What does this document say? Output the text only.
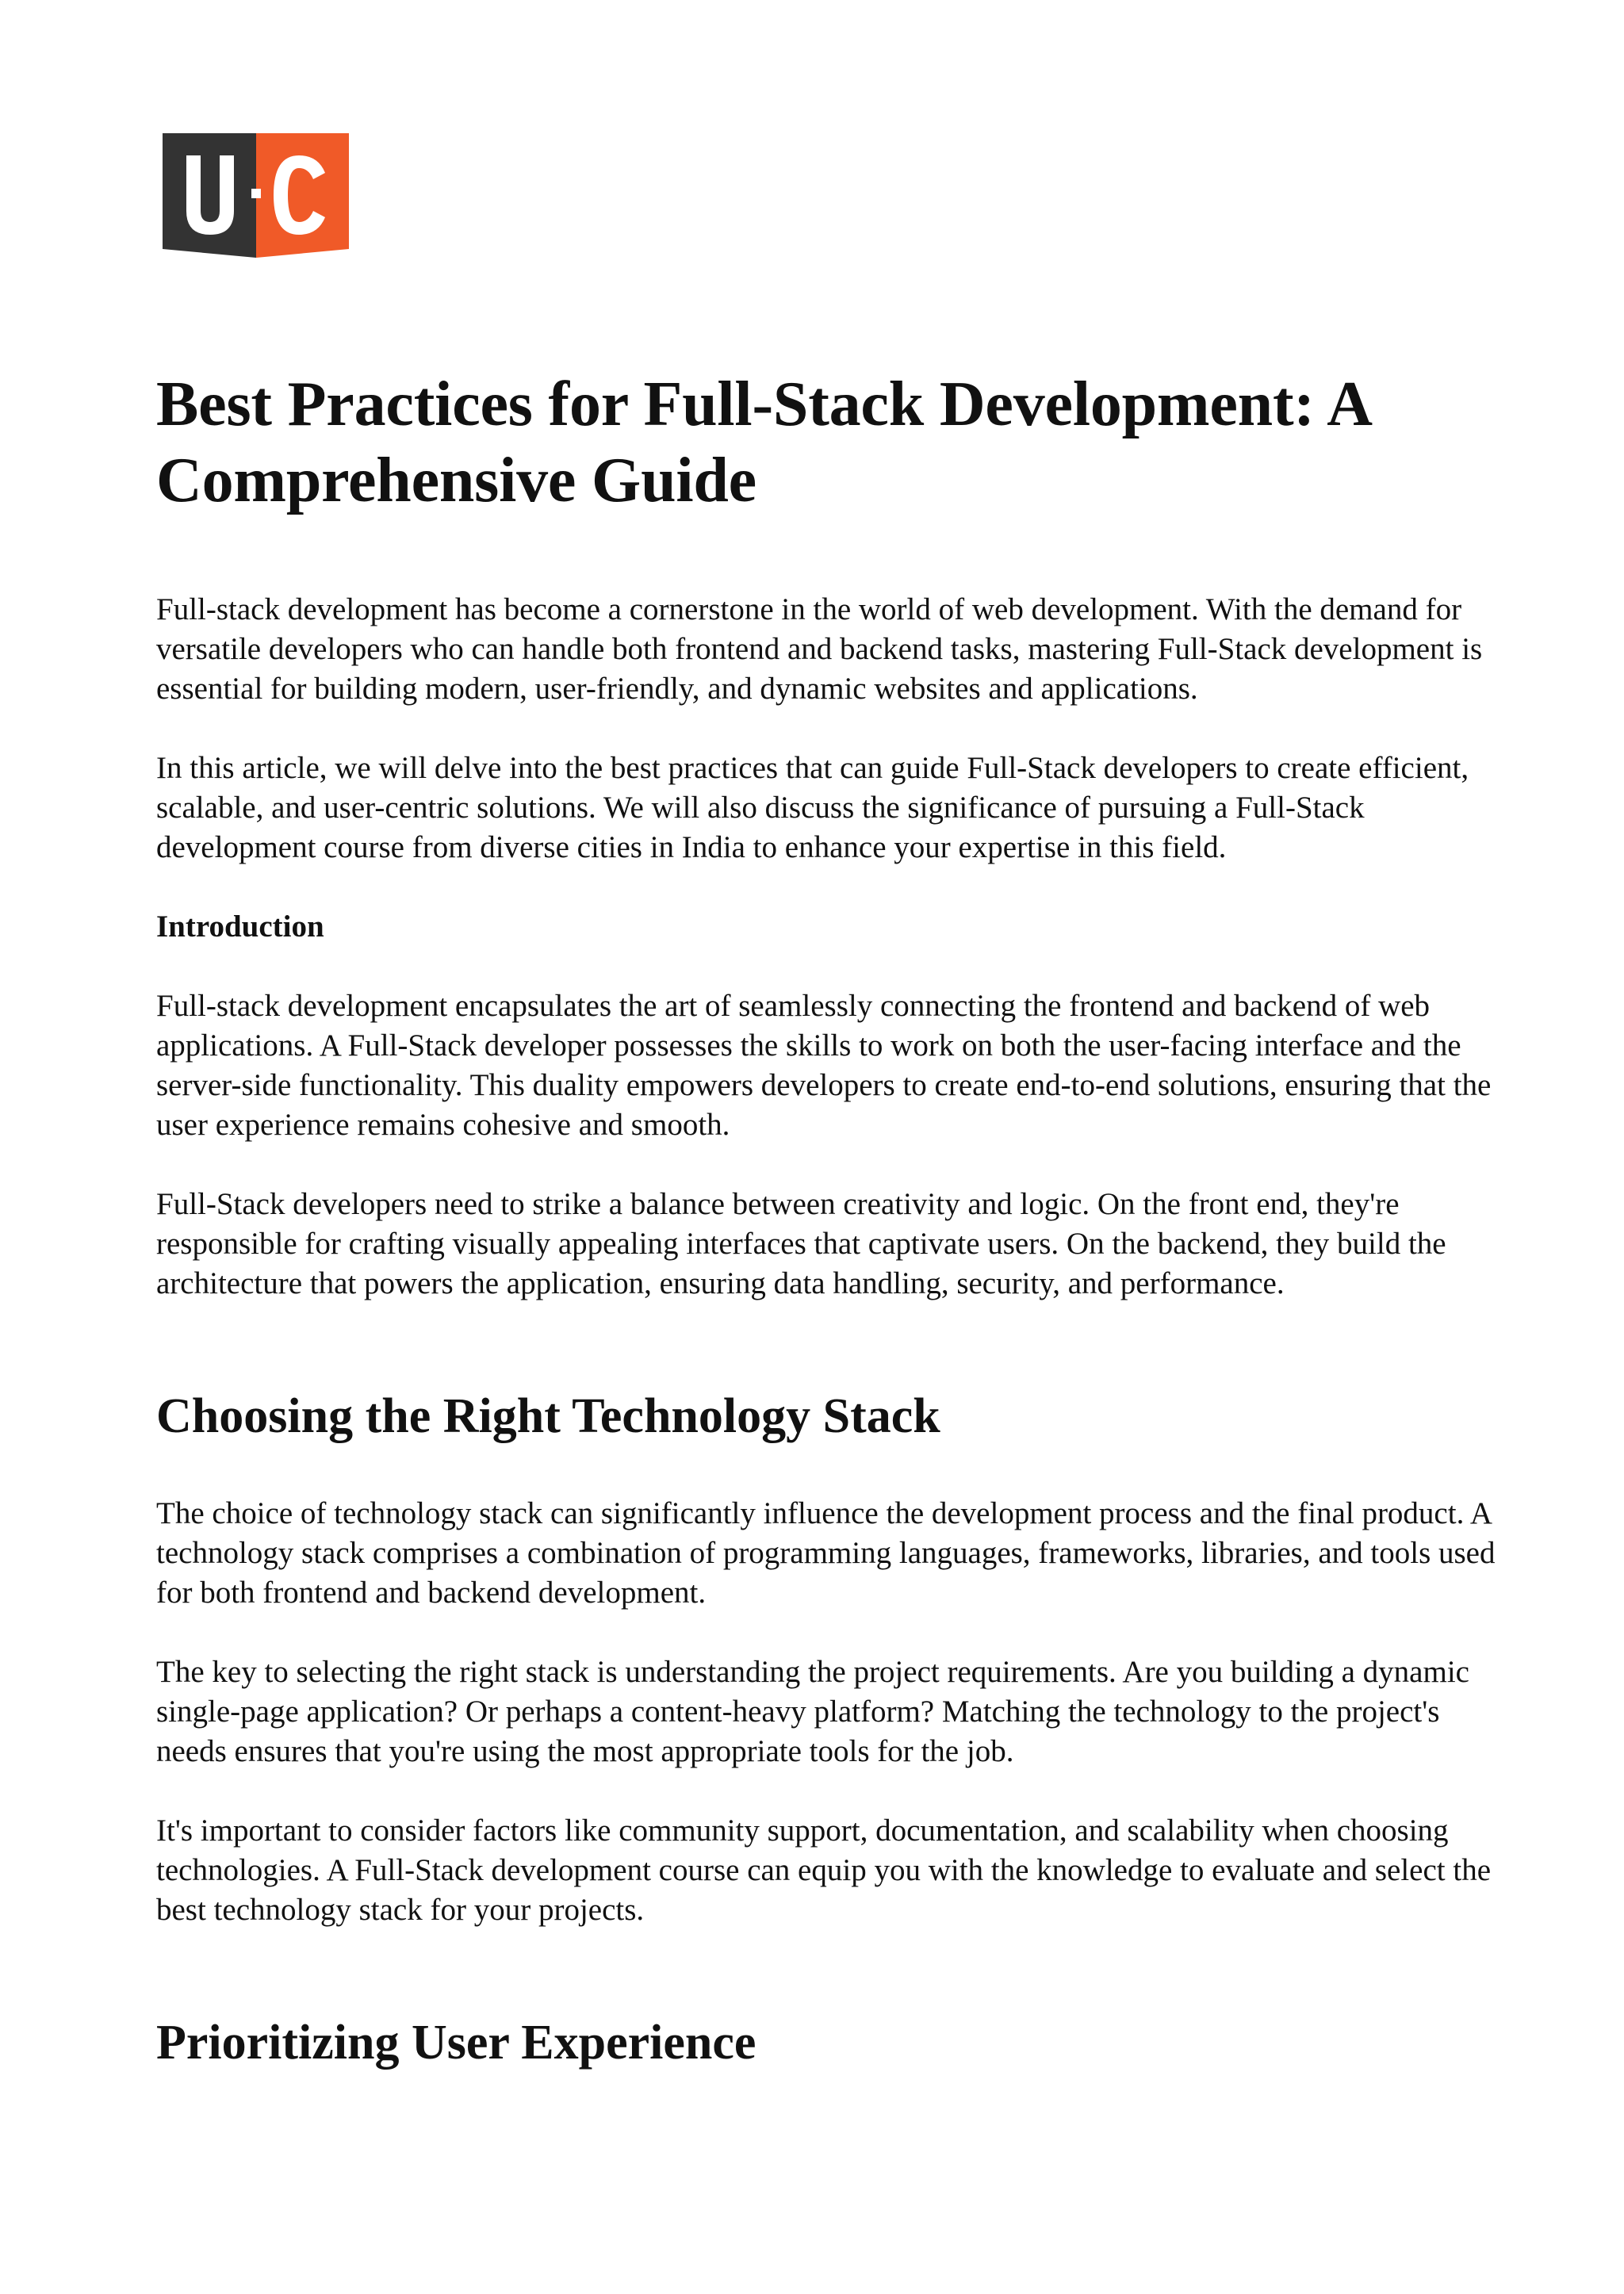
Best Practices for Full-Stack Development: A Comprehensive Guide

Full-stack development has become a cornerstone in the world of web development. With the demand for versatile developers who can handle both frontend and backend tasks, mastering Full-Stack development is essential for building modern, user-friendly, and dynamic websites and applications.

In this article, we will delve into the best practices that can guide Full-Stack developers to create efficient, scalable, and user-centric solutions. We will also discuss the significance of pursuing a Full-Stack development course from diverse cities in India to enhance your expertise in this field.

Introduction

Full-stack development encapsulates the art of seamlessly connecting the frontend and backend of web applications. A Full-Stack developer possesses the skills to work on both the user-facing interface and the server-side functionality. This duality empowers developers to create end-to-end solutions, ensuring that the user experience remains cohesive and smooth.

Full-Stack developers need to strike a balance between creativity and logic. On the front end, they're responsible for crafting visually appealing interfaces that captivate users. On the backend, they build the architecture that powers the application, ensuring data handling, security, and performance.

Choosing the Right Technology Stack

The choice of technology stack can significantly influence the development process and the final product. A technology stack comprises a combination of programming languages, frameworks, libraries, and tools used for both frontend and backend development.

The key to selecting the right stack is understanding the project requirements. Are you building a dynamic single-page application? Or perhaps a content-heavy platform? Matching the technology to the project's needs ensures that you're using the most appropriate tools for the job.

It's important to consider factors like community support, documentation, and scalability when choosing technologies. A Full-Stack development course can equip you with the knowledge to evaluate and select the best technology stack for your projects.

Prioritizing User Experience
